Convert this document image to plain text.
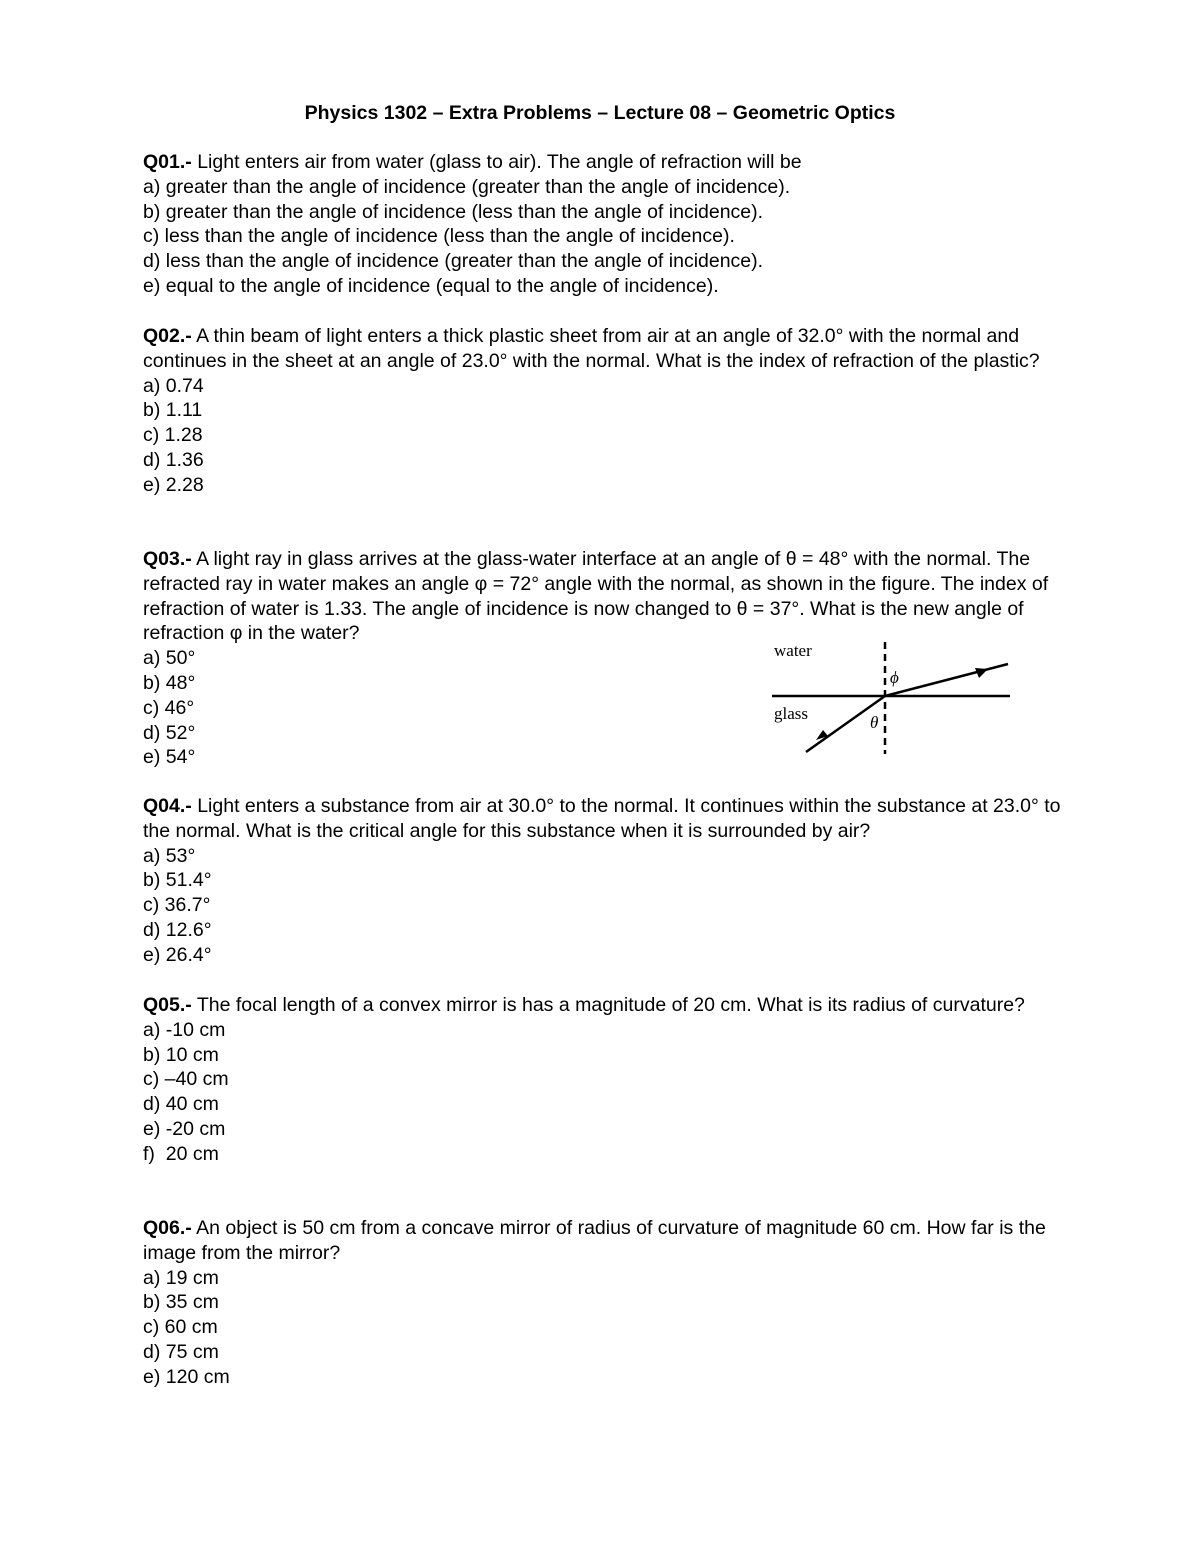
Physics 1302 – Extra Problems – Lecture 08 – Geometric Optics

Q01.- Light enters air from water (glass to air). The angle of refraction will be

a) greater than the angle of incidence (greater than the angle of incidence).
b) greater than the angle of incidence (less than the angle of incidence).
c) less than the angle of incidence (less than the angle of incidence).
d) less than the angle of incidence (greater than the angle of incidence).
e) equal to the angle of incidence (equal to the angle of incidence).

Q02.- A thin beam of light enters a thick plastic sheet from air at an angle of 32.0° with the normal and continues in the sheet at an angle of 23.0° with the normal. What is the index of refraction of the plastic?

a) 0.74
b) 1.11
c) 1.28
d) 1.36
e) 2.28

Q03.- A light ray in glass arrives at the glass-water interface at an angle of θ = 48° with the normal. The refracted ray in water makes an angle φ = 72° angle with the normal, as shown in the figure. The index of refraction of water is 1.33. The angle of incidence is now changed to θ = 37°. What is the new angle of refraction φ in the water?

a) 50°
b) 48°
c) 46°
d) 52°
e) 54°
water
glass
ϕ
θ

Q04.- Light enters a substance from air at 30.0° to the normal. It continues within the substance at 23.0° to the normal. What is the critical angle for this substance when it is surrounded by air?

a) 53°
b) 51.4°
c) 36.7°
d) 12.6°
e) 26.4°

Q05.- The focal length of a convex mirror is has a magnitude of 20 cm. What is its radius of curvature?

a) -10 cm
b) 10 cm
c) –40 cm
d) 40 cm
e) -20 cm
f)  20 cm

Q06.- An object is 50 cm from a concave mirror of radius of curvature of magnitude 60 cm. How far is the image from the mirror?

a) 19 cm
b) 35 cm
c) 60 cm
d) 75 cm
e) 120 cm
